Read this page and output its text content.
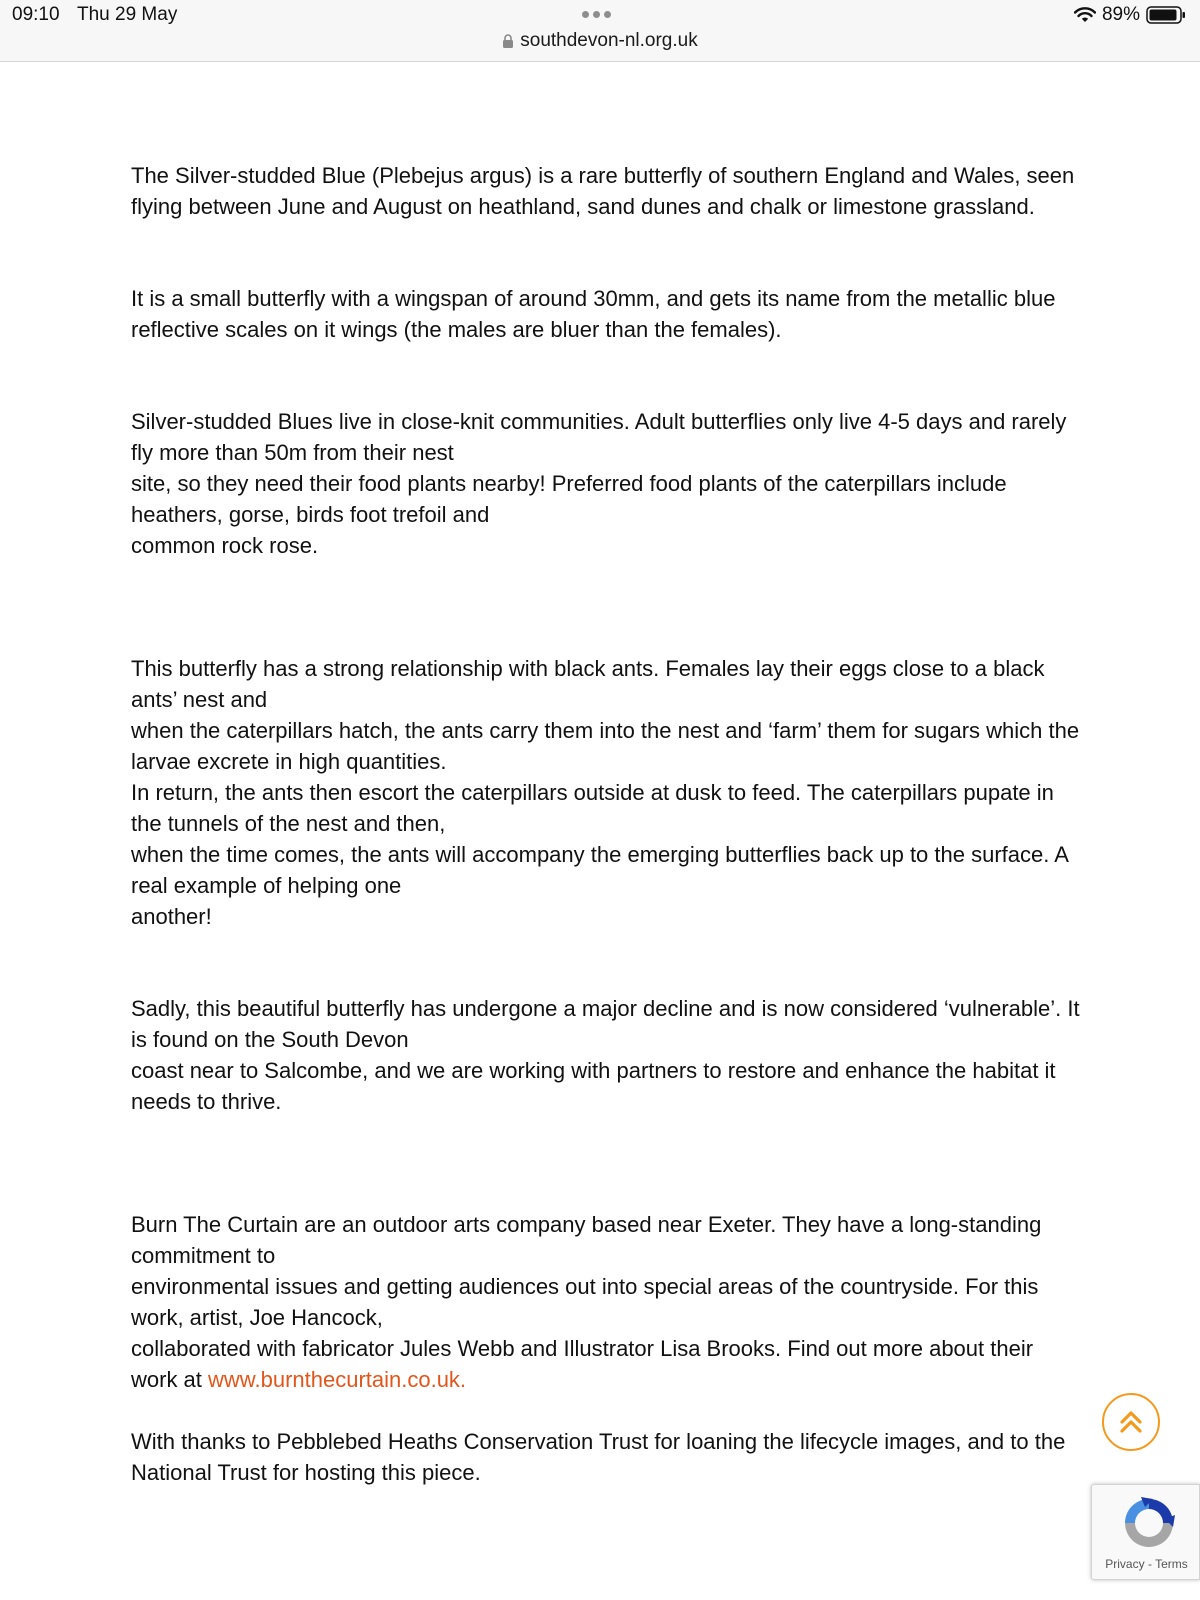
09:10 Thu 29 May
southdevon-nl.org.uk
89%

The Silver-studded Blue (Plebejus argus) is a rare butterfly of southern England and Wales, seen flying between June and August on heathland, sand dunes and chalk or limestone grassland.

It is a small butterfly with a wingspan of around 30mm, and gets its name from the metallic blue reflective scales on it wings (the males are bluer than the females).

Silver-studded Blues live in close-knit communities. Adult butterflies only live 4-5 days and rarely fly more than 50m from their nest
site, so they need their food plants nearby! Preferred food plants of the caterpillars include heathers, gorse, birds foot trefoil and
common rock rose.

This butterfly has a strong relationship with black ants. Females lay their eggs close to a black ants’ nest and
when the caterpillars hatch, the ants carry them into the nest and ‘farm’ them for sugars which the larvae excrete in high quantities.
In return, the ants then escort the caterpillars outside at dusk to feed. The caterpillars pupate in the tunnels of the nest and then,
when the time comes, the ants will accompany the emerging butterflies back up to the surface. A real example of helping one
another!

Sadly, this beautiful butterfly has undergone a major decline and is now considered ‘vulnerable’. It is found on the South Devon
coast near to Salcombe, and we are working with partners to restore and enhance the habitat it needs to thrive.

Burn The Curtain are an outdoor arts company based near Exeter. They have a long-standing commitment to
environmental issues and getting audiences out into special areas of the countryside. For this work, artist, Joe Hancock,
collaborated with fabricator Jules Webb and Illustrator Lisa Brooks. Find out more about their work at www.burnthecurtain.co.uk.

With thanks to Pebblebed Heaths Conservation Trust for loaning the lifecycle images, and to the National Trust for hosting this piece.

Privacy - Terms
